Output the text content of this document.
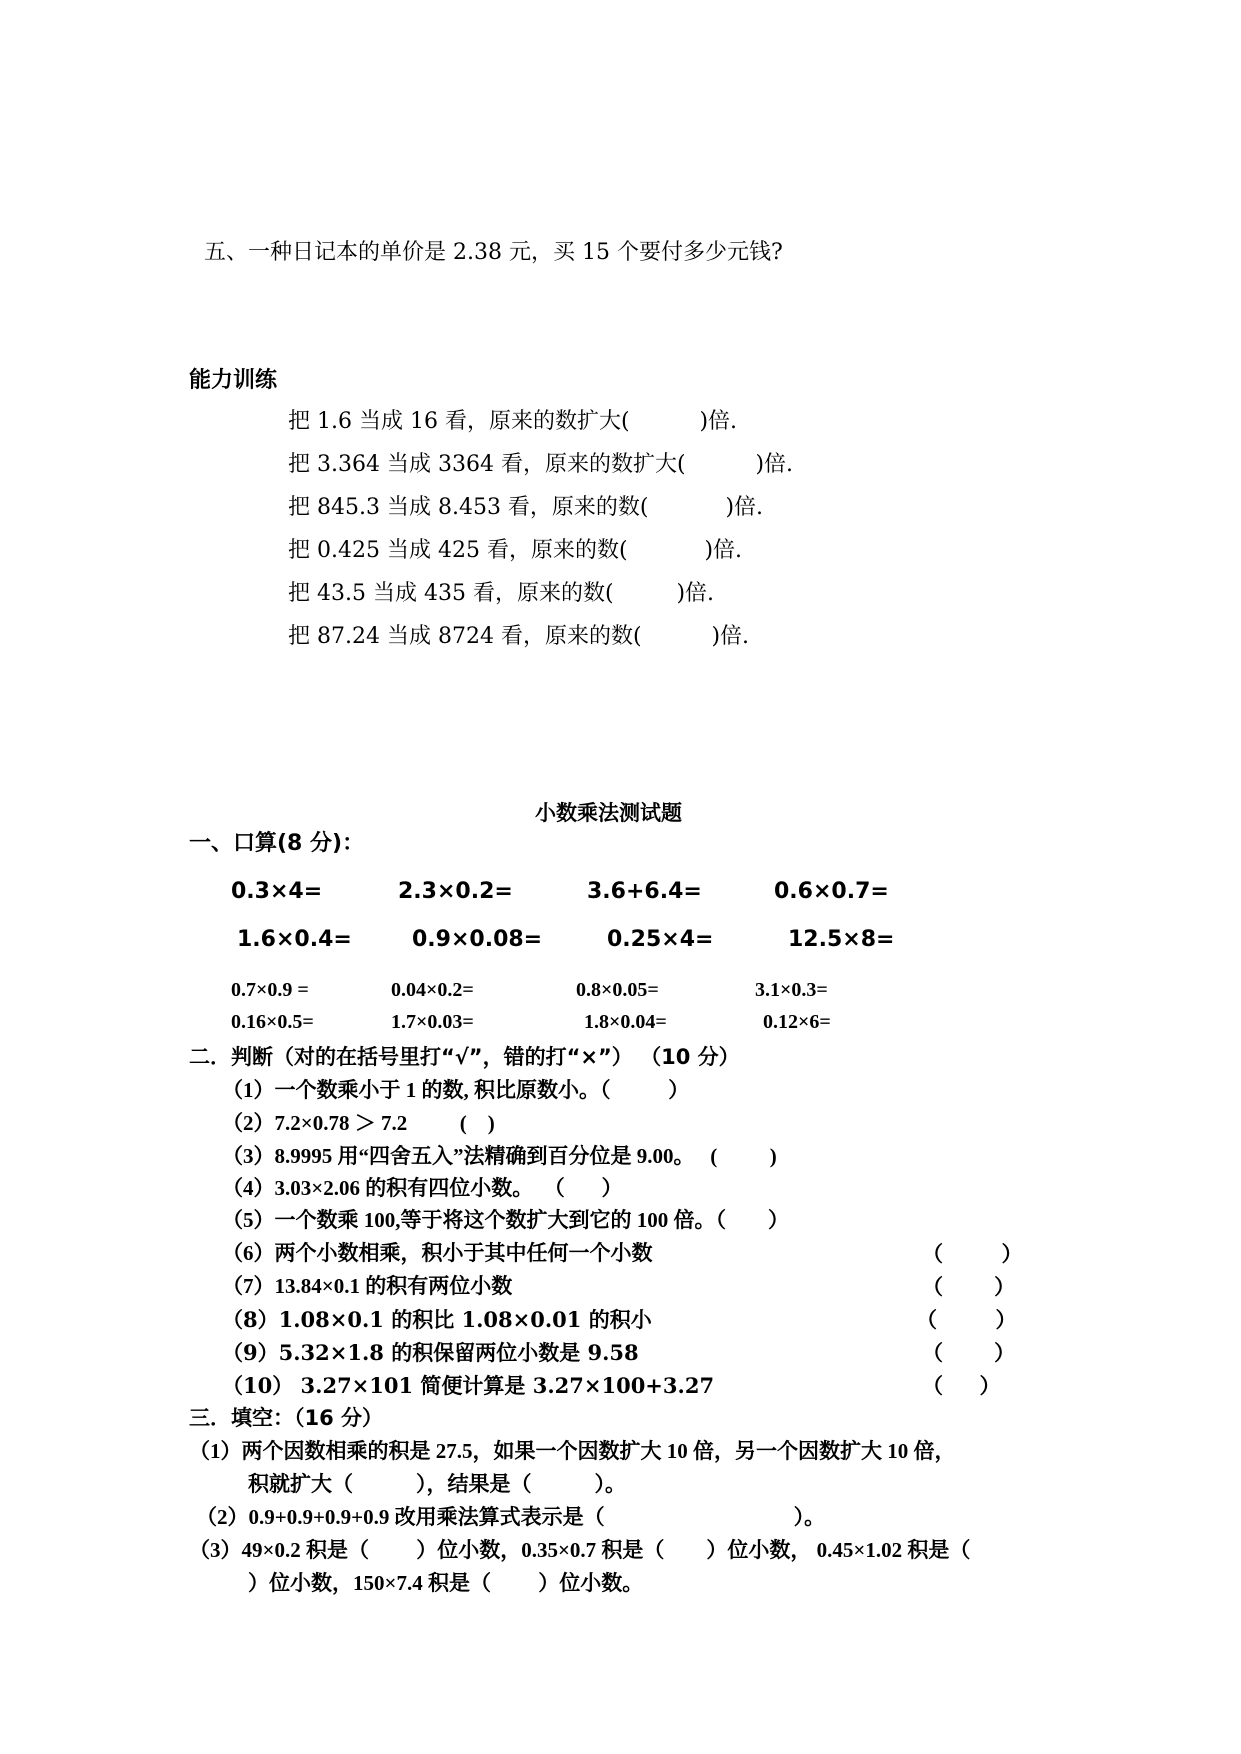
五、一种日记本的单价是 2.38 元，买 15 个要付多少元钱?
能力训练
把 1.6 当成 16 看，原来的数扩大(          )倍.
把 3.364 当成 3364 看，原来的数扩大(          )倍.
把 845.3 当成 8.453 看，原来的数(           )倍.
把 0.425 当成 425 看，原来的数(           )倍.
把 43.5 当成 435 看，原来的数(         )倍.
把 87.24 当成 8724 看，原来的数(          )倍.
小数乘法测试题
一、口算(8 分)：
0.3×4=	2.3×0.2=	3.6+6.4=	0.6×0.7=
1.6×0.4=	0.9×0.08=	0.25×4=	12.5×8=
0.7×0.9 =	0.04×0.2=	0.8×0.05=	3.1×0.3=
0.16×0.5=	1.7×0.03=	1.8×0.04=	0.12×6=
二．判断（对的在括号里打“√”，错的打“×”） （10 分）
（1）一个数乘小于 1 的数, 积比原数小。（           ）
（2）7.2×0.78 ＞ 7.2          (    )
（3）8.9995 用“四舍五入”法精确到百分位是 9.00。   (          )
（4）3.03×2.06 的积有四位小数。  （       ）
（5）一个数乘 100,等于将这个数扩大到它的 100 倍。（        ）
（6）两个小数相乘，积小于其中任何一个小数	（        ）
（7）13.84×0.1 的积有两位小数	（       ）
（8）1.08×0.1 的积比 1.08×0.01 的积小	（        ）
（9）5.32×1.8 的积保留两位小数是 9.58	（       ）
（10） 3.27×101 简便计算是 3.27×100+3.27	（     ）
三．填空：（16 分）
（1）两个因数相乘的积是 27.5，如果一个因数扩大 10 倍，另一个因数扩大 10 倍，
积就扩大（            ），结果是（            ）。
（2）0.9+0.9+0.9+0.9 改用乘法算式表示是（                                    ）。
（3）49×0.2 积是（         ）位小数，0.35×0.7 积是（        ）位小数， 0.45×1.02 积是（
）位小数，150×7.4 积是（         ）位小数。
